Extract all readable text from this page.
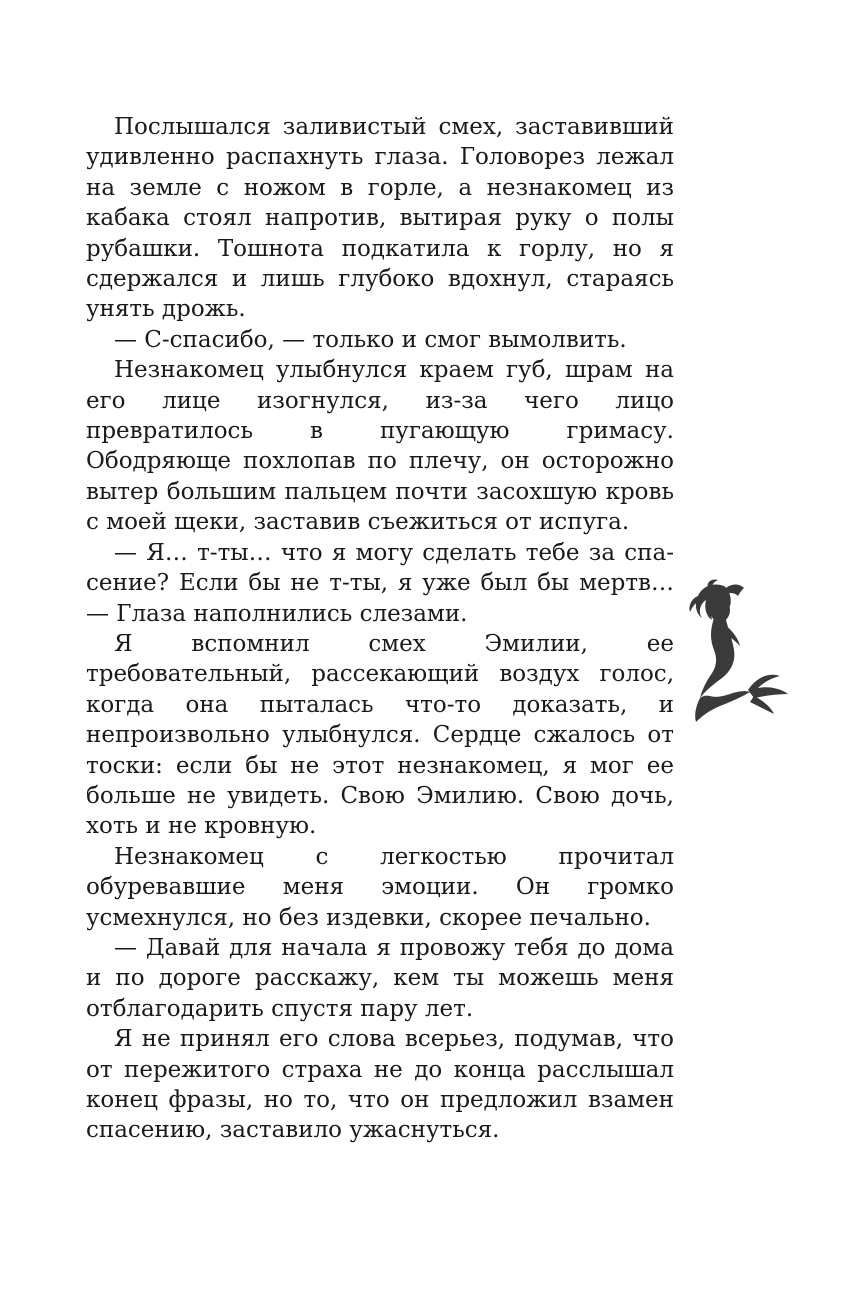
Послышался заливистый смех, заставивший удивленно распахнуть глаза. Головорез лежал на земле с ножом в горле, а незнакомец из кабака стоял напротив, вытирая руку о полы рубашки. Тошнота подкатила к горлу, но я сдержался и лишь глубоко вдохнул, стараясь унять дрожь.

— С-спасибо, — только и смог вымолвить.

Незнакомец улыбнулся краем губ, шрам на его лице изогнулся, из-за чего лицо превратилось в пугающую гримасу. Ободряюще похлопав по плечу, он осторожно вытер большим пальцем почти засохшую кровь с моей щеки, заставив съежиться от испуга.

— Я… т-ты… что я могу сделать тебе за спасение? Если бы не т-ты, я уже был бы мертв… — Глаза наполнились слезами.

Я вспомнил смех Эмилии, ее требовательный, рассекающий воздух голос, когда она пыталась что-то доказать, и непроизвольно улыбнулся. Сердце сжалось от тоски: если бы не этот незнакомец, я мог ее больше не увидеть. Свою Эмилию. Свою дочь, хоть и не кровную.

Незнакомец с легкостью прочитал обуревавшие меня эмоции. Он громко усмехнулся, но без издевки, скорее печально.

— Давай для начала я провожу тебя до дома и по дороге расскажу, кем ты можешь меня отблагодарить спустя пару лет.

Я не принял его слова всерьез, подумав, что от пережитого страха не до конца расслышал конец фразы, но то, что он предложил взамен спасению, заставило ужаснуться.
